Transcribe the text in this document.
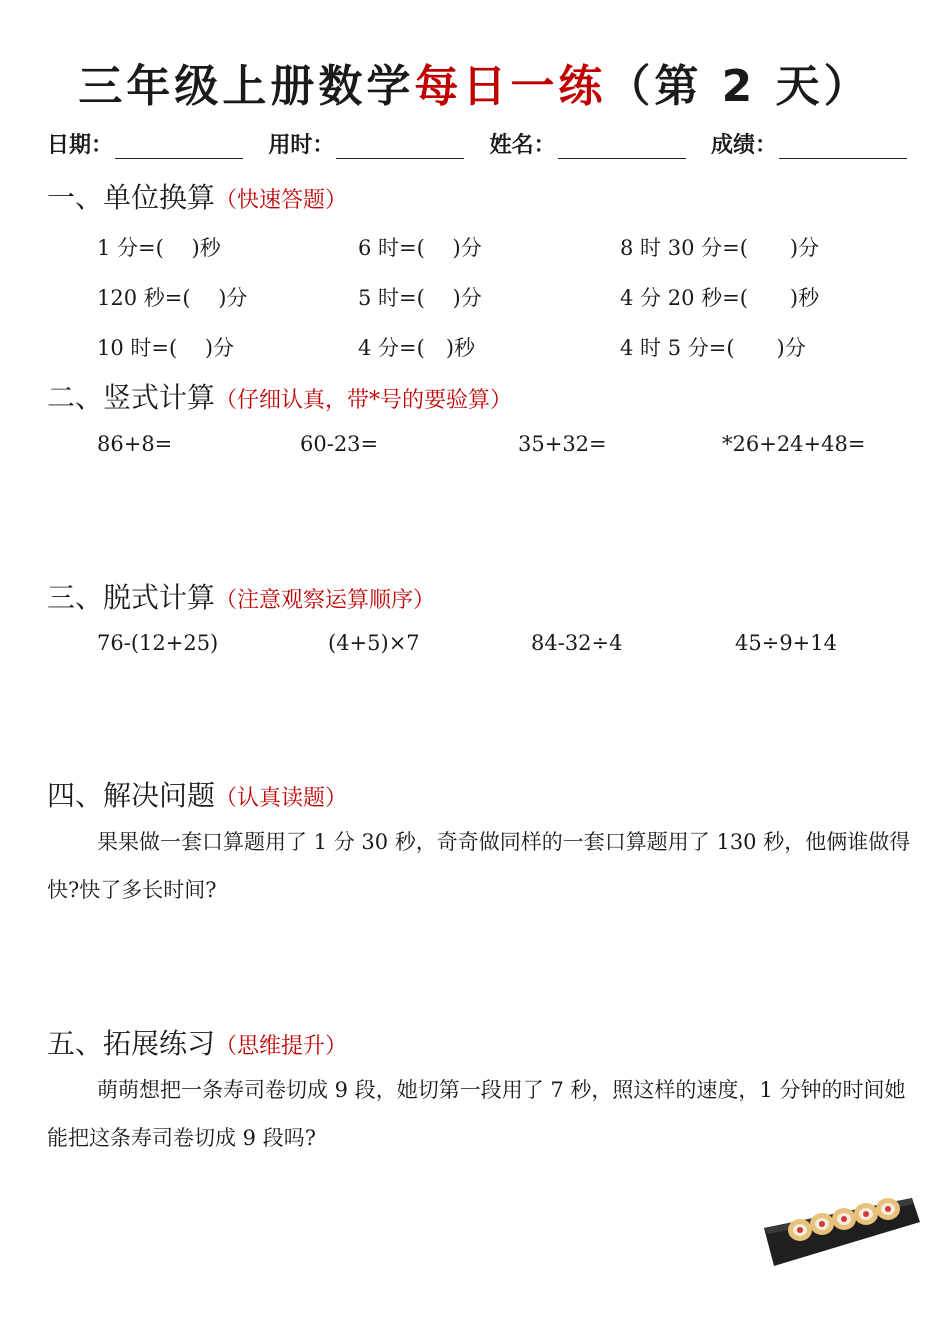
三年级上册数学每日一练（第 2 天）
日期：	用时：	姓名：	成绩：
一、单位换算（快速答题）
1 分=(　 )秒	6 时=(　 )分	8 时 30 分=(　　)分
120 秒=(　 )分	5 时=(　 )分	4 分 20 秒=(　　)秒
10 时=(　 )分	4 分=(　)秒	4 时 5 分=(　　)分
二、竖式计算（仔细认真，带*号的要验算）
86+8=	60-23=	35+32=	*26+24+48=
三、脱式计算（注意观察运算顺序）
76-(12+25)	(4+5)×7	84-32÷4	45÷9+14
四、解决问题（认真读题）
果果做一套口算题用了 1 分 30 秒，奇奇做同样的一套口算题用了 130 秒，他俩谁做得快?快了多长时间?
五、拓展练习（思维提升）
萌萌想把一条寿司卷切成 9 段，她切第一段用了 7 秒，照这样的速度，1 分钟的时间她能把这条寿司卷切成 9 段吗?
